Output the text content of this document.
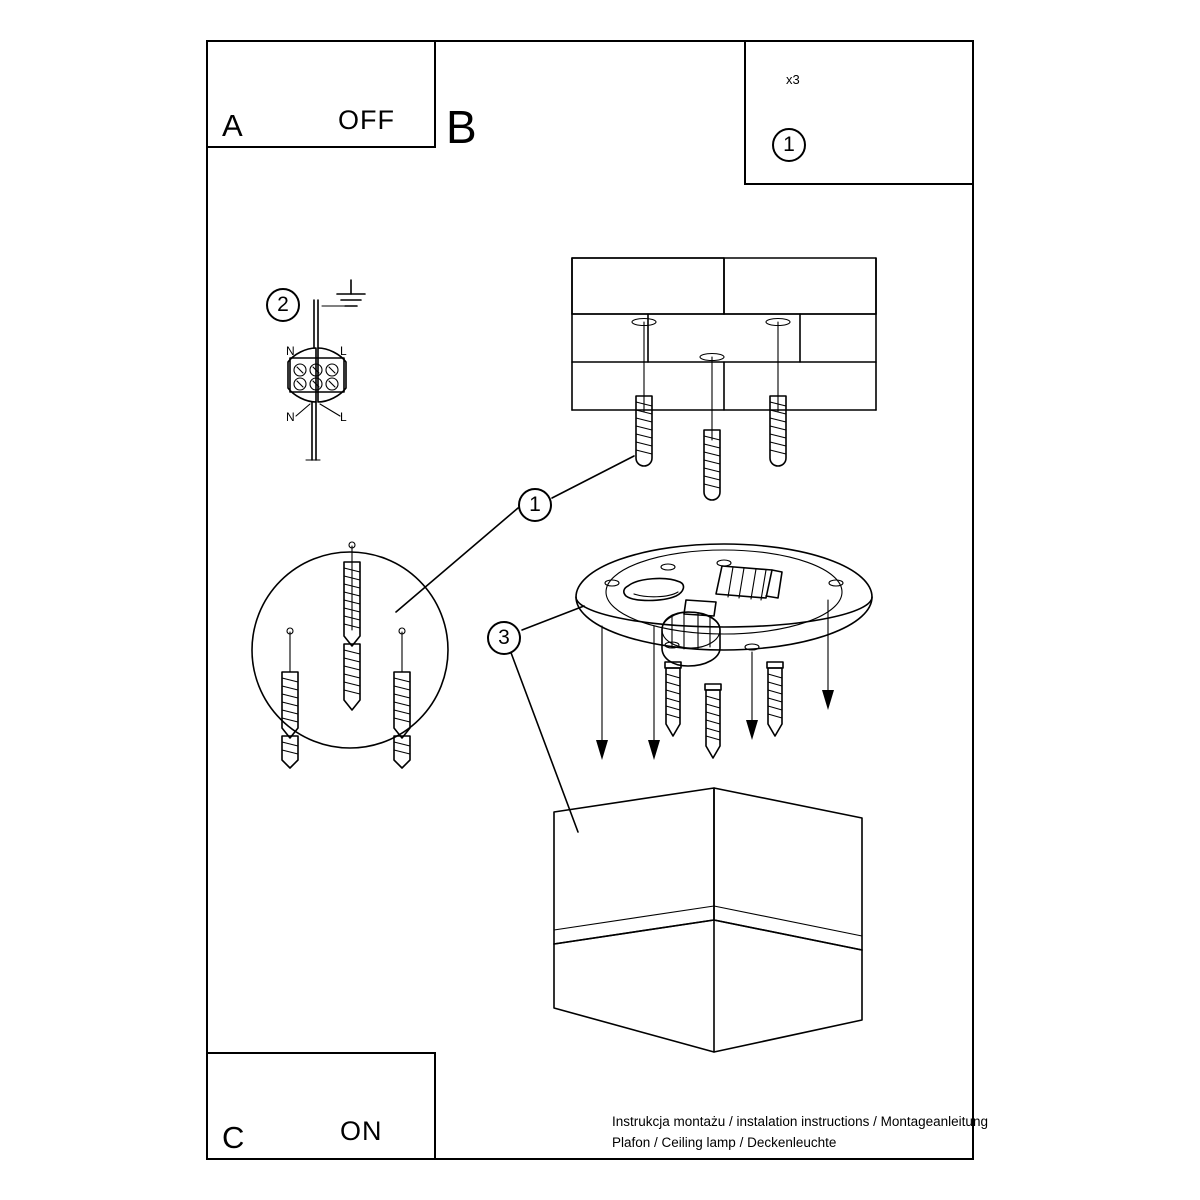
A	OFF B
C	ON
x3
1
1
2
3
N	L
N	L
Instrukcja montażu / instalation instructions / Montageanleitung
Plafon / Ceiling lamp / Deckenleuchte
